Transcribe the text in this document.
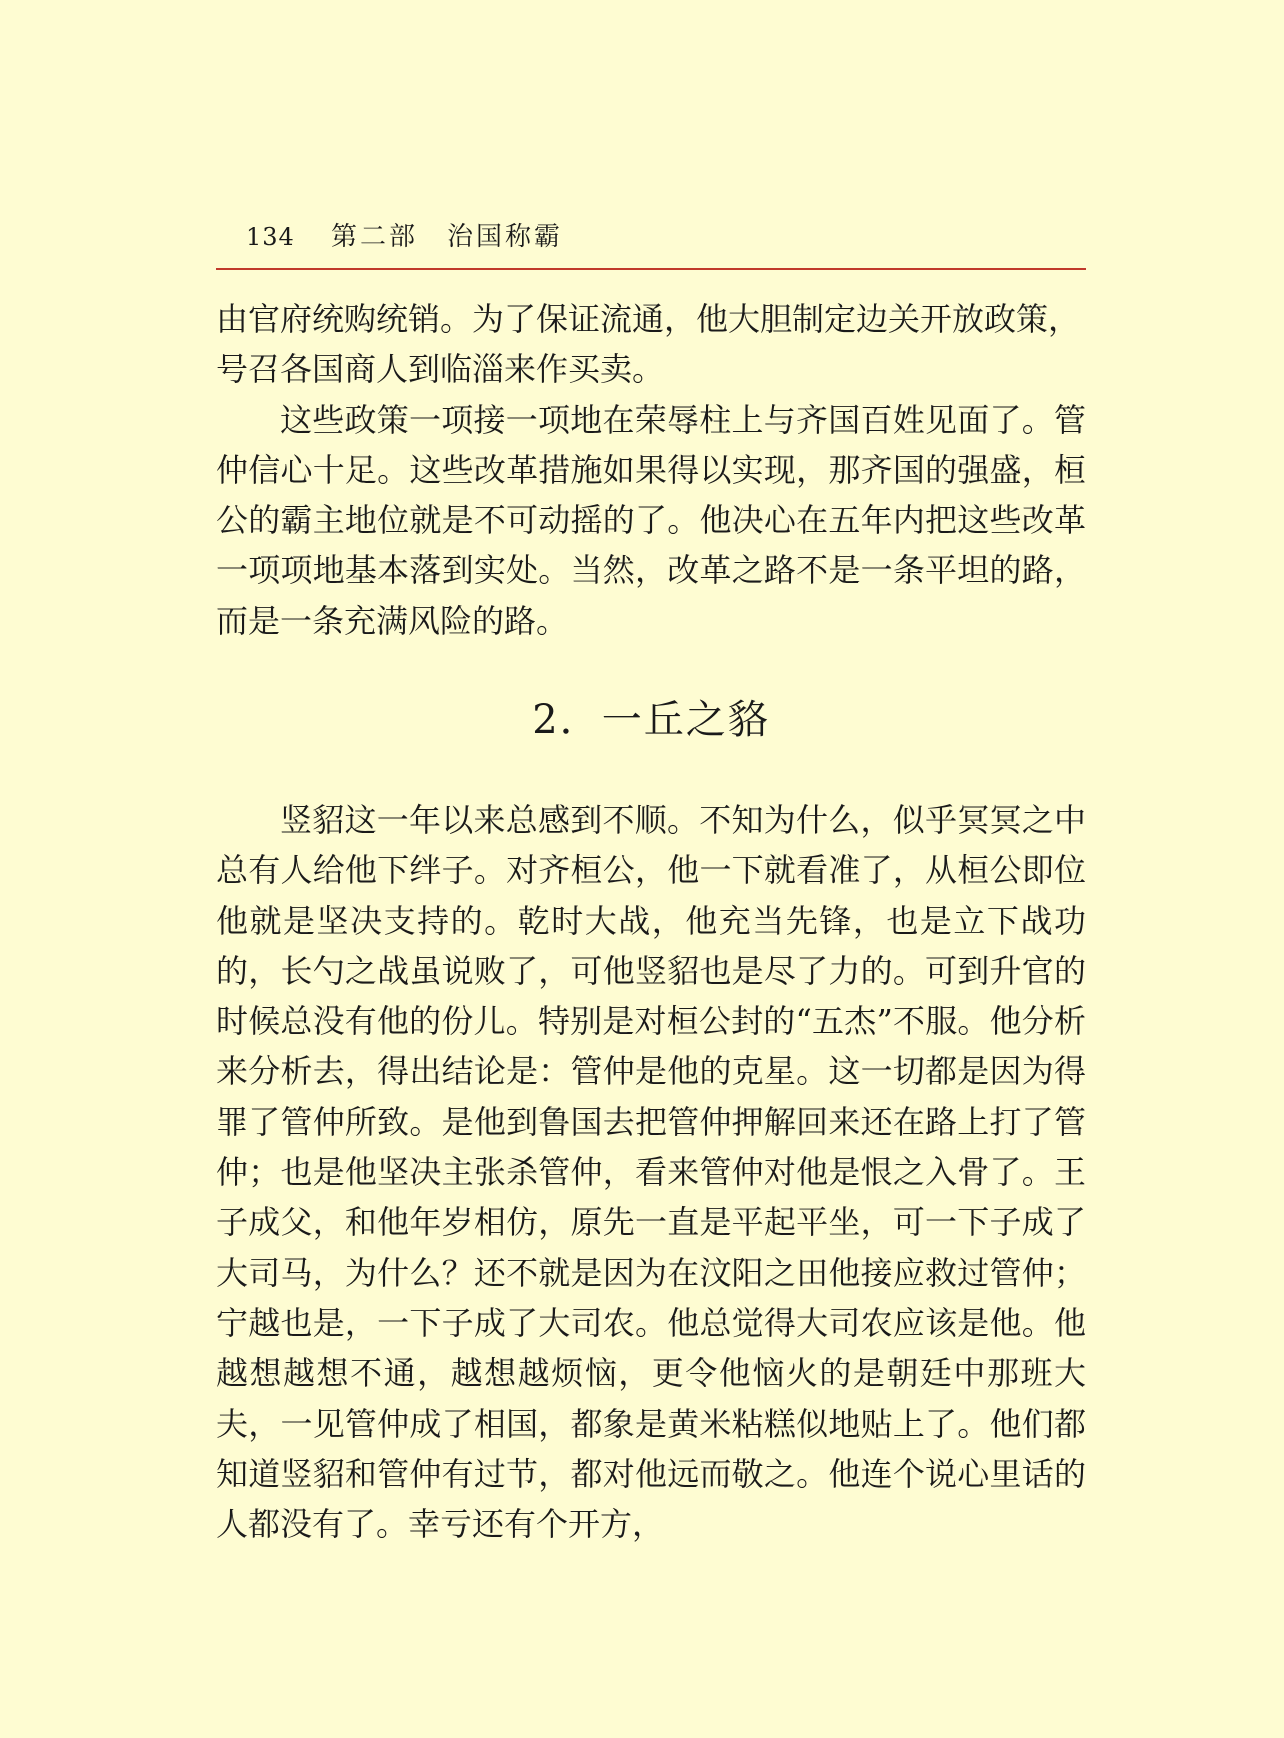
134 第二部　治国称霸

由官府统购统销。为了保证流通，他大胆制定边关开放政策，
号召各国商人到临淄来作买卖。

这些政策一项接一项地在荣辱柱上与齐国百姓见面了。管仲信心十足。这些改革措施如果得以实现，那齐国的强盛，桓公的霸主地位就是不可动摇的了。他决心在五年内把这些改革一项项地基本落到实处。当然，改革之路不是一条平坦的路，而是一条充满风险的路。

2．一丘之貉

竖貂这一年以来总感到不顺。不知为什么，似乎冥冥之中总有人给他下绊子。对齐桓公，他一下就看准了，从桓公即位他就是坚决支持的。乾时大战，他充当先锋，也是立下战功的，长勺之战虽说败了，可他竖貂也是尽了力的。可到升官的时候总没有他的份儿。特别是对桓公封的“五杰”不服。他分析来分析去，得出结论是：管仲是他的克星。这一切都是因为得罪了管仲所致。是他到鲁国去把管仲押解回来还在路上打了管仲；也是他坚决主张杀管仲，看来管仲对他是恨之入骨了。王子成父，和他年岁相仿，原先一直是平起平坐，可一下子成了大司马，为什么？还不就是因为在汶阳之田他接应救过管仲；宁越也是，一下子成了大司农。他总觉得大司农应该是他。他越想越想不通，越想越烦恼，更令他恼火的是朝廷中那班大夫，一见管仲成了相国，都象是黄米粘糕似地贴上了。他们都知道竖貂和管仲有过节，都对他远而敬之。他连个说心里话的人都没有了。幸亏还有个开方，
